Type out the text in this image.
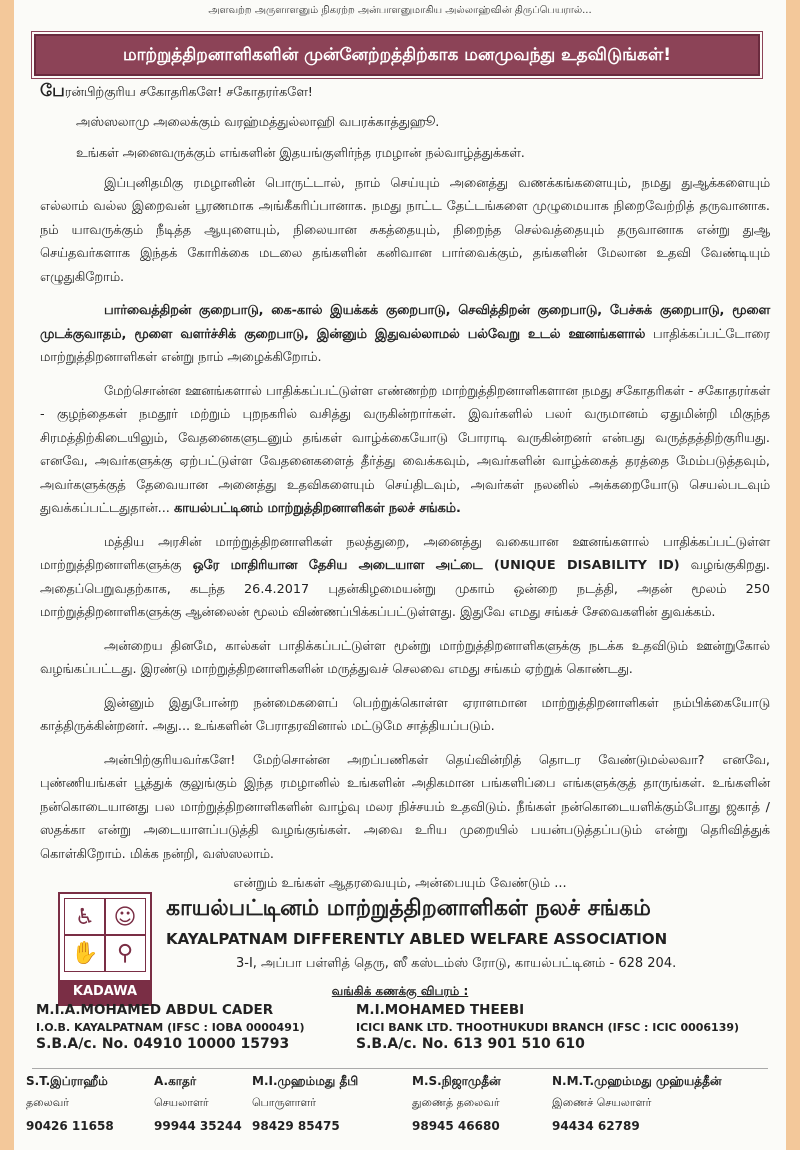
அளவற்ற அருளாளனும் நிகரற்ற அன்பாளனுமாகிய அல்லாஹ்வின் திருப்பெயரால்...
மாற்றுத்திறனாளிகளின் முன்னேற்றத்திற்காக மனமுவந்து உதவிடுங்கள்!

பேரன்பிற்குரிய சகோதரிகளே! சகோதரர்களே!

அஸ்ஸலாமு அலைக்கும் வரஹ்மத்துல்லாஹி வபரக்காத்துஹூ.

உங்கள் அனைவருக்கும் எங்களின் இதயங்குளிர்ந்த ரமழான் நல்வாழ்த்துக்கள்.

இப்புனிதமிகு ரமழானின் பொருட்டால், நாம் செய்யும் அனைத்து வணக்கங்களையும், நமது துஆக்களையும் எல்லாம் வல்ல இறைவன் பூரணமாக அங்கீகரிப்பானாக. நமது நாட்ட தேட்டங்களை முழுமையாக நிறைவேற்றித் தருவானாக. நம் யாவருக்கும் நீடித்த ஆயுளையும், நிலையான சுகத்தையும், நிறைந்த செல்வத்தையும் தருவானாக என்று துஆ செய்தவர்களாக இந்தக் கோரிக்கை மடலை தங்களின் கனிவான பார்வைக்கும், தங்களின் மேலான உதவி வேண்டியும் எழுதுகிறோம்.

பார்வைத்திறன் குறைபாடு, கை-கால் இயக்கக் குறைபாடு, செவித்திறன் குறைபாடு, பேச்சுக் குறைபாடு, மூளை முடக்குவாதம், மூளை வளர்ச்சிக் குறைபாடு, இன்னும் இதுவல்லாமல் பல்வேறு உடல் ஊனங்களால் பாதிக்கப்பட்டோரை மாற்றுத்திறனாளிகள் என்று நாம் அழைக்கிறோம்.

மேற்சொன்ன ஊனங்களால் பாதிக்கப்பட்டுள்ள எண்ணற்ற மாற்றுத்திறனாளிகளான நமது சகோதரிகள் - சகோதரர்கள் - குழந்தைகள் நமதூர் மற்றும் புறநகரில் வசித்து வருகின்றார்கள். இவர்களில் பலர் வருமானம் ஏதுமின்றி மிகுந்த சிரமத்திற்கிடையிலும், வேதனைகளுடனும் தங்கள் வாழ்க்கையோடு போராடி வருகின்றனர் என்பது வருத்தத்திற்குரியது. எனவே, அவர்களுக்கு ஏற்பட்டுள்ள வேதனைகளைத் தீர்த்து வைக்கவும், அவர்களின் வாழ்க்கைத் தரத்தை மேம்படுத்தவும், அவர்களுக்குத் தேவையான அனைத்து உதவிகளையும் செய்திடவும், அவர்கள் நலனில் அக்கறையோடு செயல்படவும் துவக்கப்பட்டதுதான்... காயல்பட்டினம் மாற்றுத்திறனாளிகள் நலச் சங்கம்.

மத்திய அரசின் மாற்றுத்திறனாளிகள் நலத்துறை, அனைத்து வகையான ஊனங்களால் பாதிக்கப்பட்டுள்ள மாற்றுத்திறனாளிகளுக்கு ஒரே மாதிரியான தேசிய அடையாள அட்டை (UNIQUE DISABILITY ID) வழங்குகிறது. அதைப்பெறுவதற்காக, கடந்த 26.4.2017 புதன்கிழமையன்று முகாம் ஒன்றை நடத்தி, அதன் மூலம் 250 மாற்றுத்திறனாளிகளுக்கு ஆன்லைன் மூலம் விண்ணப்பிக்கப்பட்டுள்ளது. இதுவே எமது சங்கச் சேவைகளின் துவக்கம்.

அன்றைய தினமே, கால்கள் பாதிக்கப்பட்டுள்ள மூன்று மாற்றுத்திறனாளிகளுக்கு நடக்க உதவிடும் ஊன்றுகோல் வழங்கப்பட்டது. இரண்டு மாற்றுத்திறனாளிகளின் மருத்துவச் செலவை எமது சங்கம் ஏற்றுக் கொண்டது.

இன்னும் இதுபோன்ற நன்மைகளைப் பெற்றுக்கொள்ள ஏராளமான மாற்றுத்திறனாளிகள் நம்பிக்கையோடு காத்திருக்கின்றனர். அது... உங்களின் பேராதரவினால் மட்டுமே சாத்தியப்படும்.

அன்பிற்குரியவர்களே! மேற்சொன்ன அறப்பணிகள் தெய்வின்றித் தொடர வேண்டுமல்லவா? எனவே, புண்ணியங்கள் பூத்துக் குலுங்கும் இந்த ரமழானில் உங்களின் அதிகமான பங்களிப்பை எங்களுக்குத் தாருங்கள். உங்களின் நன்கொடையானது பல மாற்றுத்திறனாளிகளின் வாழ்வு மலர நிச்சயம் உதவிடும். நீங்கள் நன்கொடையளிக்கும்போது ஜகாத் / ஸதக்கா என்று அடையாளப்படுத்தி வழங்குங்கள். அவை உரிய முறையில் பயன்படுத்தப்படும் என்று தெரிவித்துக் கொள்கிறோம். மிக்க நன்றி, வஸ்ஸலாம்.

என்றும் உங்கள் ஆதரவையும், அன்பையும் வேண்டும் ...
♿ ☺
✋ ⚲
KADAWA
காயல்பட்டினம் மாற்றுத்திறனாளிகள் நலச் சங்கம்
KAYALPATNAM DIFFERENTLY ABLED WELFARE ASSOCIATION
3-I, அப்பா பள்ளித் தெரு, ஸீ கஸ்டம்ஸ் ரோடு, காயல்பட்டினம் - 628 204.
வங்கிக் கணக்கு விபரம் :
M.I.A.MOHAMED ABDUL CADER
I.O.B. KAYALPATNAM (IFSC : IOBA 0000491)
S.B.A/c. No. 04910 10000 15793
M.I.MOHAMED THEEBI
ICICI BANK LTD. THOOTHUKUDI BRANCH (IFSC : ICIC 0006139)
S.B.A/c. No. 613 901 510 610
S.T.இப்ராஹீம்
தலைவர்
90426 11658
A.காதர்
செயலாளர்
99944 35244
M.I.முஹம்மது தீபி
பொருளாளர்
98429 85475
M.S.நிஜாமுதீன்
துணைத் தலைவர்
98945 46680
N.M.T.முஹம்மது முஹ்யத்தீன்
இணைச் செயலாளர்
94434 62789
